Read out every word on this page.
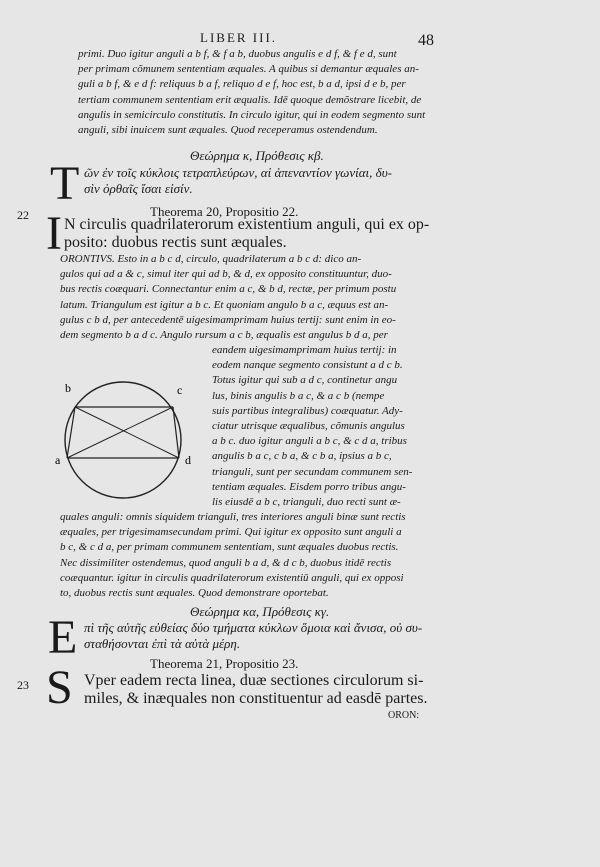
LIBER III.	48
primi. Duo igitur anguli a b f, & f a b, duobus angulis e d f, & f e d, sunt
per primam cõmunem sententiam æquales. A quibus si demantur æquales an-
guli a b f, & e d f: reliquus b a f, reliquo d e f, hoc est, b a d, ipsi d e b, per
tertiam communem sententiam erit æqualis. Idē quoque demõstrare licebit, de
angulis in semicirculo constitutis. In circulo igitur, qui in eodem segmento sunt
anguli, sibi inuicem sunt æquales. Quod receperamus ostendendum.
Θεώρημα κ, Πρόθεσις κβ.
Τ ῶν ἐν τοῖς κύκλοις τετραπλεύρων, αἱ ἀπεναντίον γωνίαι, δυ-
σὶν ὀρθαῖς ἴσαι εἰσίν.
Theorema 20, Propositio 22.
22 I N circulis quadrilaterorum existentium anguli, qui ex op-
posito: duobus rectis sunt æquales.
ORONTIVS. Esto in a b c d, circulo, quadrilaterum a b c d: dico an-
gulos qui ad a & c, simul iter qui ad b, & d, ex opposito constituuntur, duo-
bus rectis coæquari. Connectantur enim a c, & b d, rectæ, per primum postu
latum. Triangulum est igitur a b c. Et quoniam angulo b a c, æquus est an-
gulus c b d, per antecedentē uigesimamprimam huius tertij: sunt enim in eo-
dem segmento b a d c. Angulo rursum a c b, æqualis est angulus b d a, per
b	c
a	d
eandem uigesimamprimam huius tertij: in
eodem nanque segmento consistunt a d c b.
Totus igitur qui sub a d c, continetur angu
lus, binis angulis b a c, & a c b (nempe
suis partibus integralibus) coæquatur. Ady-
ciatur utrisque æqualibus, cõmunis angulus
a b c. duo igitur anguli a b c, & c d a, tribus
angulis b a c, c b a, & c b a, ipsius a b c,
trianguli, sunt per secundam communem sen-
tentiam æquales. Eisdem porro tribus angu-
lis eiusdē a b c, trianguli, duo recti sunt æ-
quales anguli: omnis siquidem trianguli, tres interiores anguli binæ sunt rectis
æquales, per trigesimamsecundam primi. Qui igitur ex opposito sunt anguli a
b c, & c d a, per primam communem sententiam, sunt æquales duobus rectis.
Nec dissimiliter ostendemus, quod anguli b a d, & d c b, duobus itidē rectis
coæquantur. igitur in circulis quadrilaterorum existentiū anguli, qui ex opposi
to, duobus rectis sunt æquales. Quod demonstrare oportebat.
Θεώρημα κα, Πρόθεσις κγ.
Ε πὶ τῆς αὐτῆς εὐθείας δύο τμήματα κύκλων ὅμοια καὶ ἄνισα, οὐ συ-
σταθήσονται ἐπὶ τὰ αὐτὰ μέρη.
Theorema 21, Propositio 23.
23 S Vper eadem recta linea, duæ sectiones circulorum si-
miles, & inæquales non constituentur ad easdē partes.
ORON:
